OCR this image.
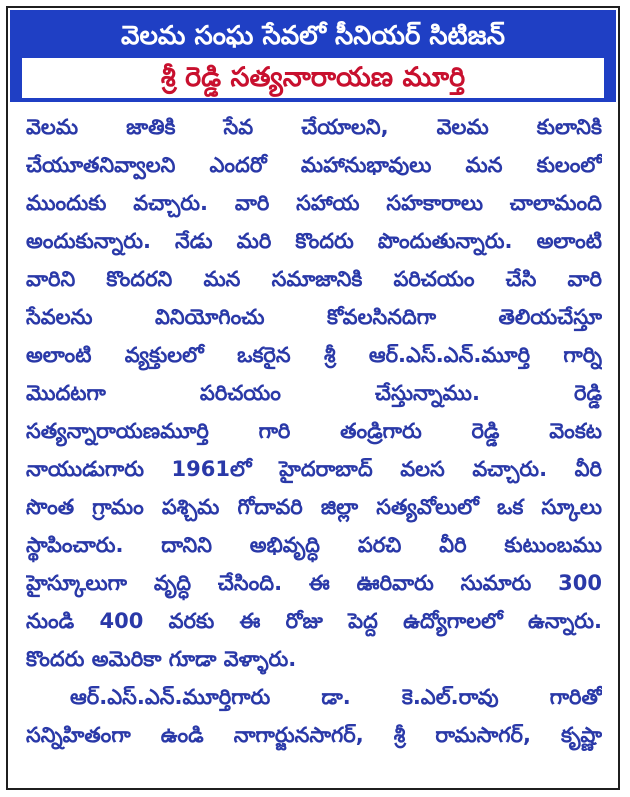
వెలమ సంఘ సేవలో సీనియర్ సిటిజన్
శ్రీ రెడ్డి సత్యనారాయణ మూర్తి
వెలమ జాతికి సేవ చేయాలని, వెలమ కులానికి
చేయూతనివ్వాలని ఎందరో మహానుభావులు మన కులంలో
ముందుకు వచ్చారు. వారి సహాయ సహకారాలు చాలామంది
అందుకున్నారు. నేడు మరి కొందరు పొందుతున్నారు. అలాంటి
వారిని కొందరని మన సమాజానికి పరిచయం చేసి వారి
సేవలను వినియోగించు కోవలసినదిగా తెలియచేస్తూ
అలాంటి వ్యక్తులలో ఒకరైన శ్రీ ఆర్.ఎస్.ఎన్.మూర్తి గార్ని
మొదటగా పరిచయం చేస్తున్నాము. రెడ్డి
సత్యన్నారాయణమూర్తి గారి తండ్రిగారు రెడ్డి వెంకట
నాయుడుగారు 1961లో హైదరాబాద్ వలస వచ్చారు. వీరి
సొంత గ్రామం పశ్చిమ గోదావరి జిల్లా సత్యవోలులో ఒక స్కూలు
స్థాపించారు. దానిని అభివృద్ధి పరచి వీరి కుటుంబము
హైస్కూలుగా వృద్ధి చేసింది. ఈ ఊరివారు సుమారు 300
నుండి 400 వరకు ఈ రోజు పెద్ద ఉద్యోగాలలో ఉన్నారు.
కొందరు అమెరికా గూడా వెళ్ళారు.
ఆర్.ఎస్.ఎన్.మూర్తిగారు డా. కె.ఎల్.రావు గారితో
సన్నిహితంగా ఉండి నాగార్జునసాగర్, శ్రీ రామసాగర్, కృష్ణా
